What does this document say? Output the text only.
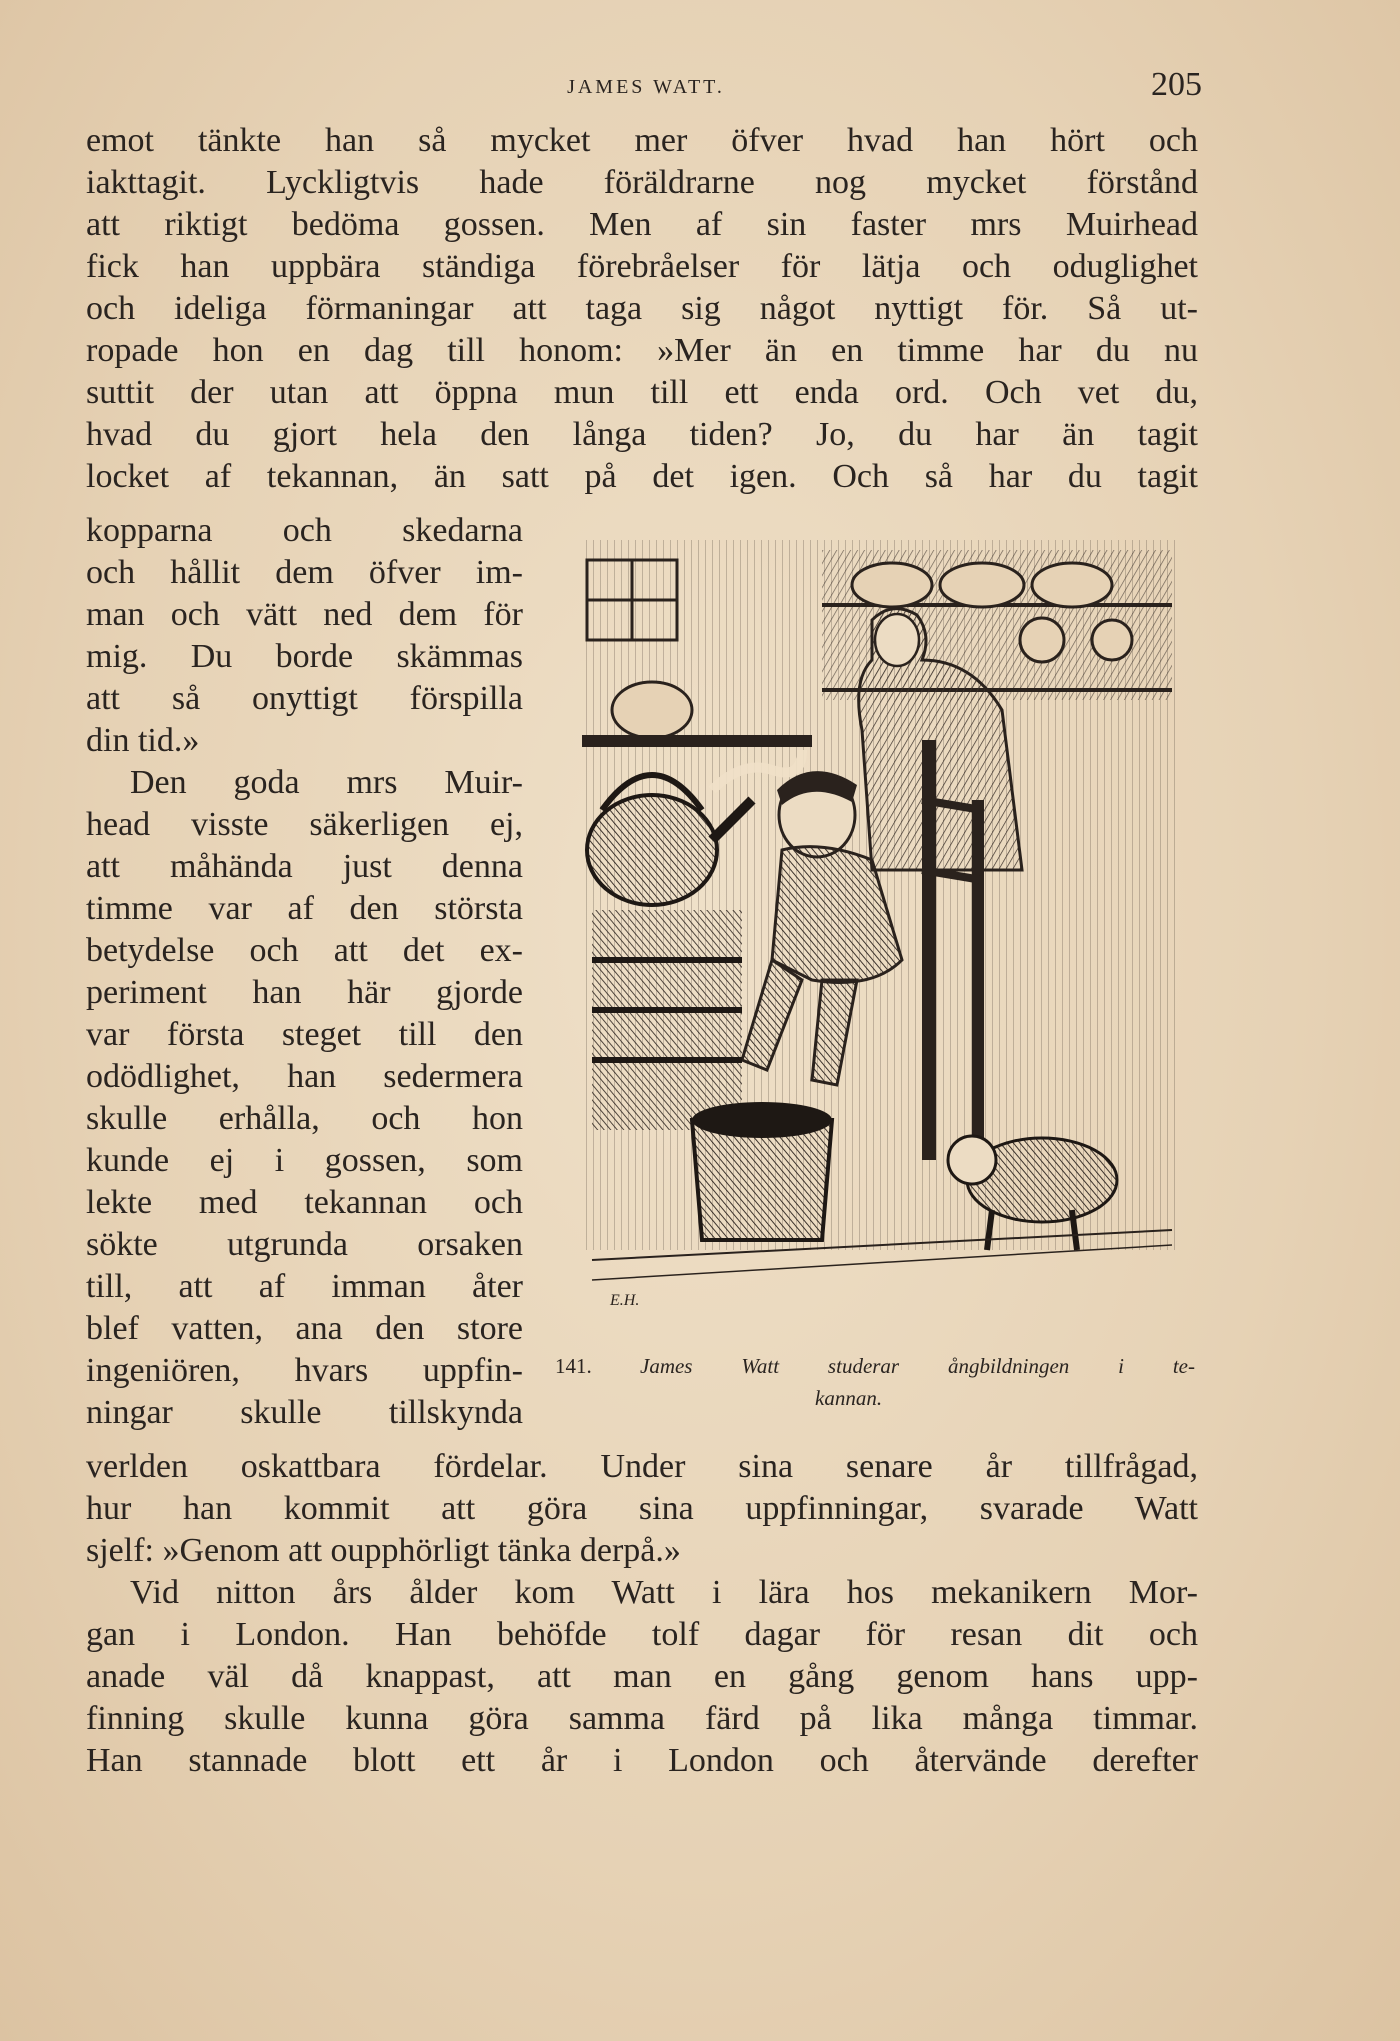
JAMES WATT.	205
emot tänkte han så mycket mer öfver hvad han hört och
iakttagit. Lyckligtvis hade föräldrarne nog mycket förstånd
att riktigt bedöma gossen. Men af sin faster mrs Muirhead
fick han uppbära ständiga förebråelser för lätja och oduglighet
och ideliga förmaningar att taga sig något nyttigt för. Så ut-
ropade hon en dag till honom: »Mer än en timme har du nu
suttit der utan att öppna mun till ett enda ord. Och vet du,
hvad du gjort hela den långa tiden? Jo, du har än tagit
locket af tekannan, än satt på det igen. Och så har du tagit
kopparna och skedarna
och hållit dem öfver im-
man och vätt ned dem för
mig. Du borde skämmas
att så onyttigt förspilla
din tid.»
Den goda mrs Muir-
head visste säkerligen ej,
att måhända just denna
timme var af den största
betydelse och att det ex-
periment han här gjorde
var första steget till den
odödlighet, han sedermera
skulle erhålla, och hon
kunde ej i gossen, som
lekte med tekannan och
sökte utgrunda orsaken
till, att af imman åter
blef vatten, ana den store
ingeniören, hvars uppfin-
ningar skulle tillskynda
verlden oskattbara fördelar. Under sina senare år tillfrågad,
hur han kommit att göra sina uppfinningar, svarade Watt
sjelf: »Genom att oupphörligt tänka derpå.»
Vid nitton års ålder kom Watt i lära hos mekanikern Mor-
gan i London. Han behöfde tolf dagar för resan dit och
anade väl då knappast, att man en gång genom hans upp-
finning skulle kunna göra samma färd på lika många timmar.
Han stannade blott ett år i London och återvände derefter
E.H.
141. James Watt studerar ångbildningen i te-
kannan.
